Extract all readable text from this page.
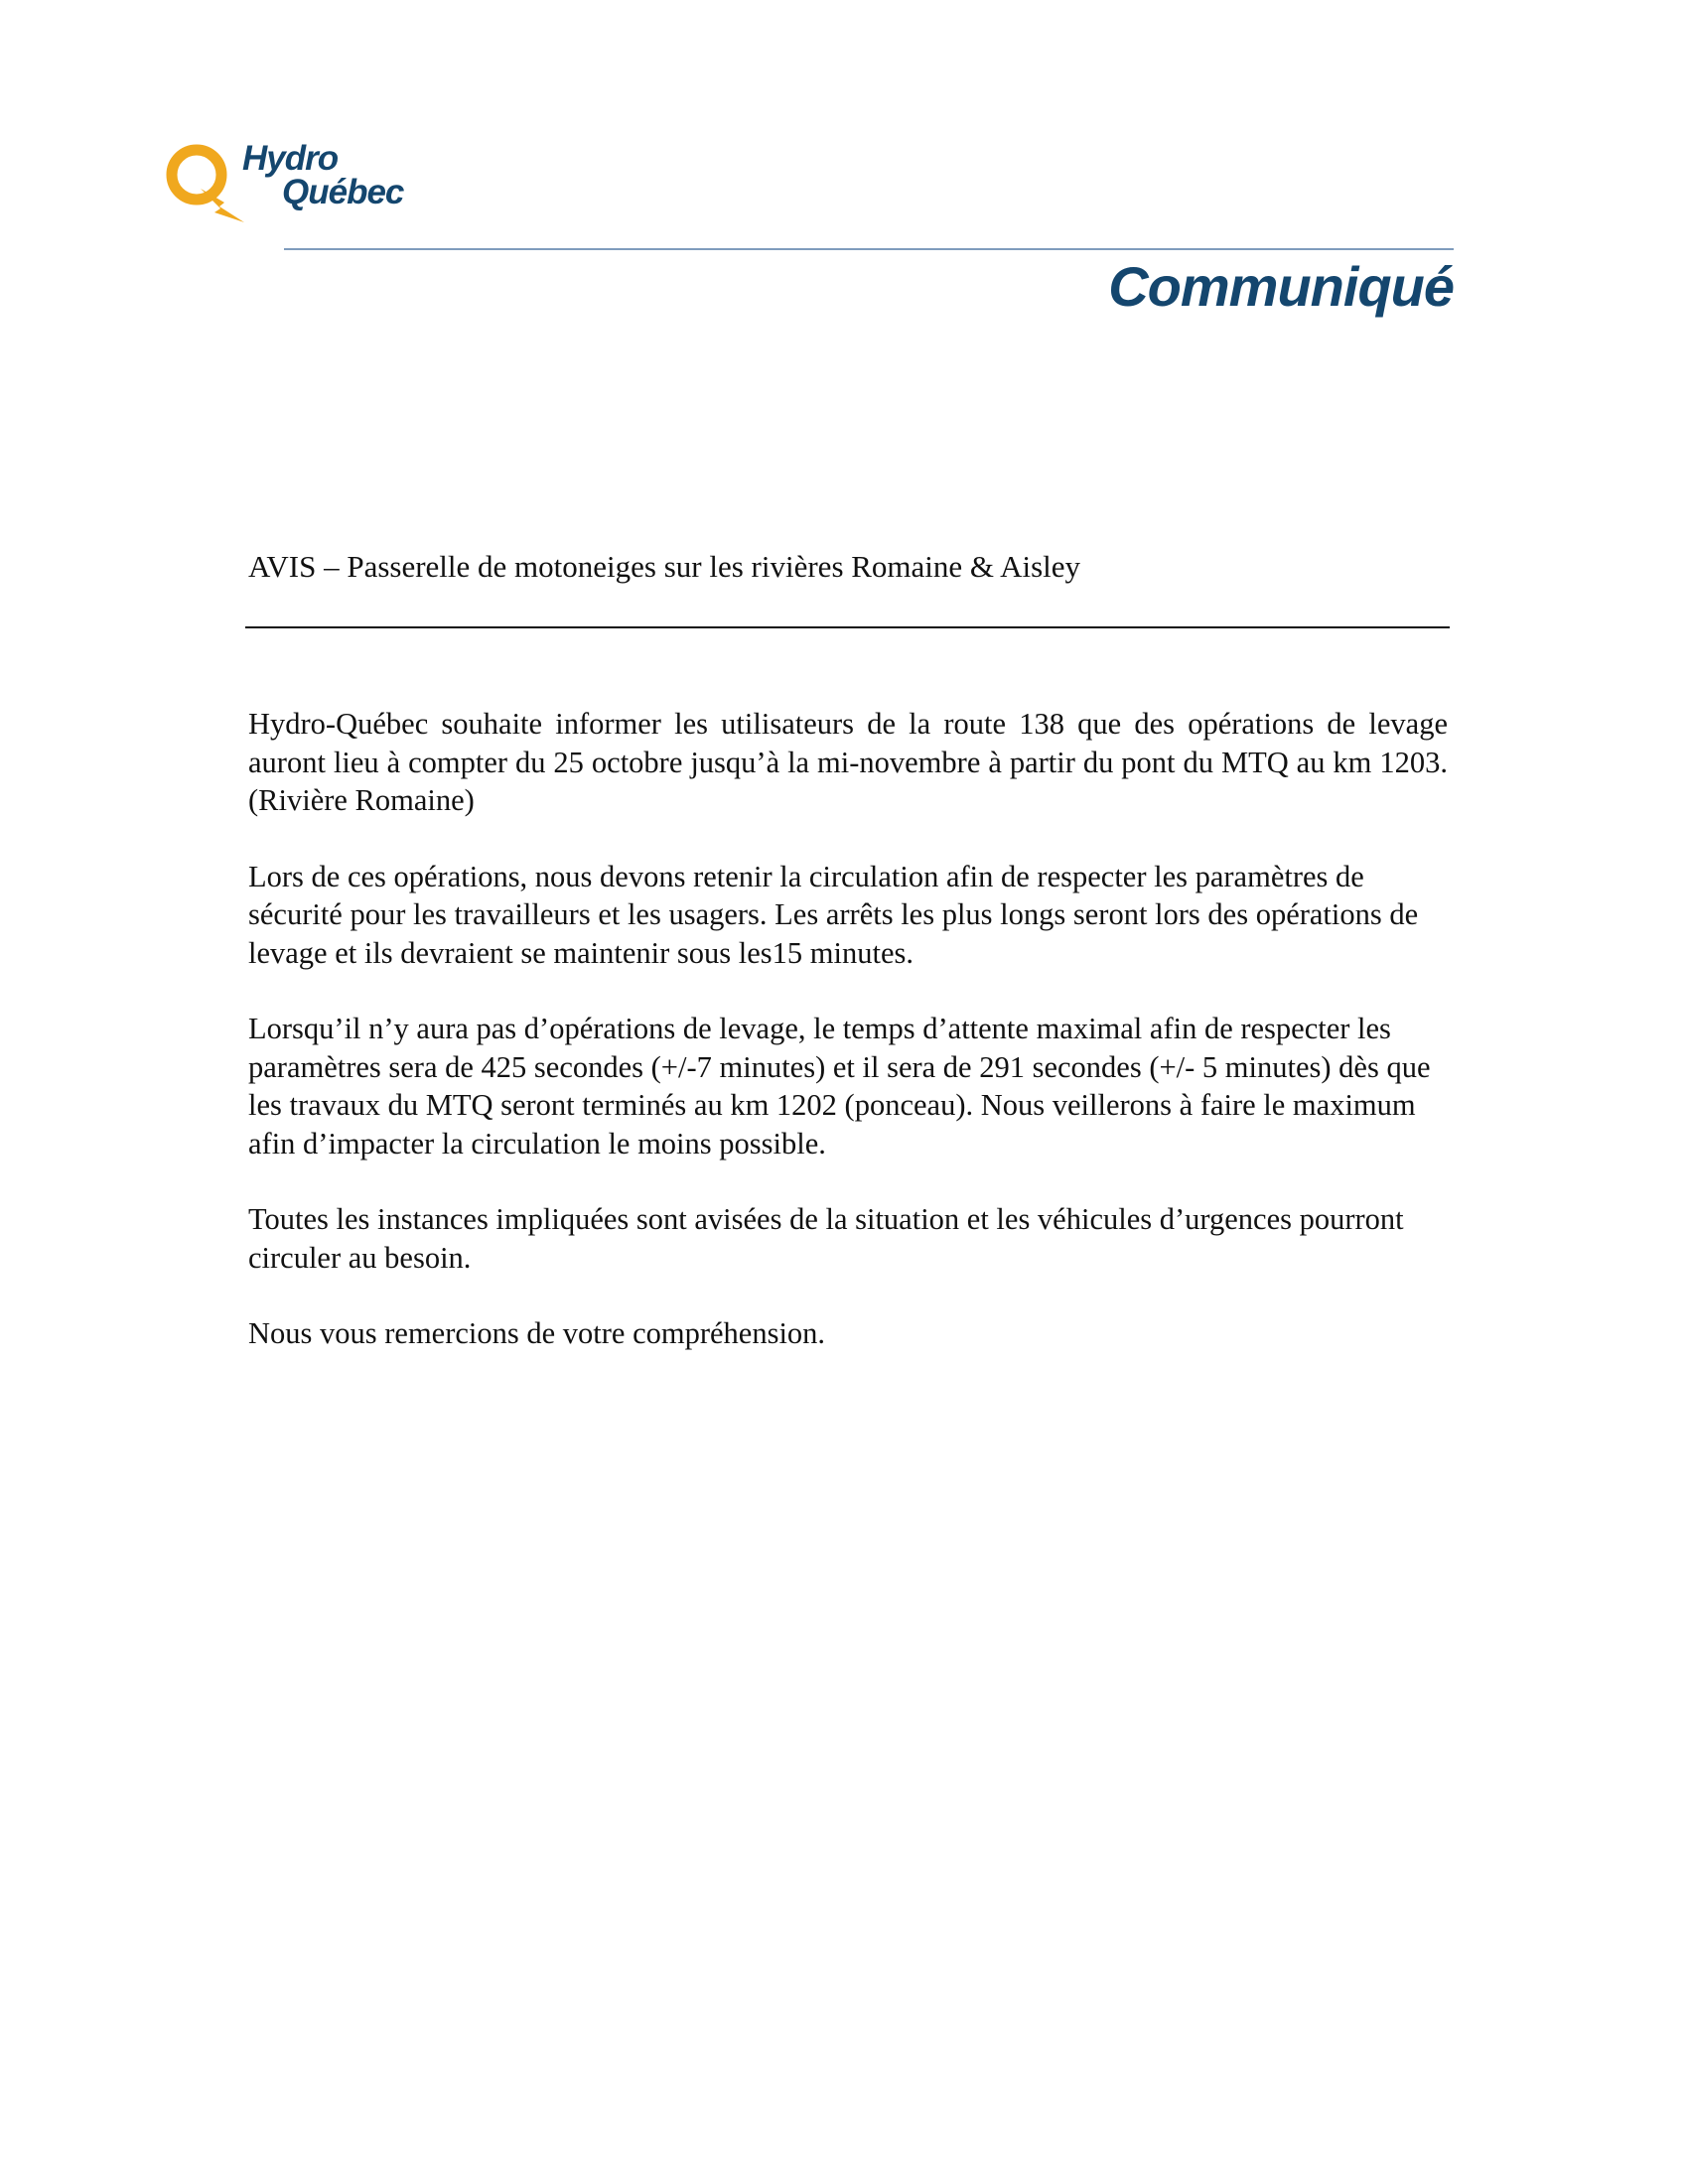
Hydro
Québec
Communiqué
AVIS – Passerelle de motoneiges sur les rivières Romaine & Aisley

Hydro-Québec souhaite informer les utilisateurs de la route 138 que des opérations de levage auront lieu à compter du 25 octobre jusqu’à la mi-novembre à partir du pont du MTQ au km 1203. (Rivière Romaine)

Lors de ces opérations, nous devons retenir la circulation afin de respecter les paramètres de sécurité pour les travailleurs et les usagers. Les arrêts les plus longs seront lors des opérations de levage et ils devraient se maintenir sous les15 minutes.

Lorsqu’il n’y aura pas d’opérations de levage, le temps d’attente maximal afin de respecter les paramètres sera de 425 secondes (+/-7 minutes) et il sera de 291 secondes (+/- 5 minutes) dès que les travaux du MTQ seront terminés au km 1202 (ponceau). Nous veillerons à faire le maximum afin d’impacter la circulation le moins possible.

Toutes les instances impliquées sont avisées de la situation et les véhicules d’urgences pourront circuler au besoin.

Nous vous remercions de votre compréhension.
